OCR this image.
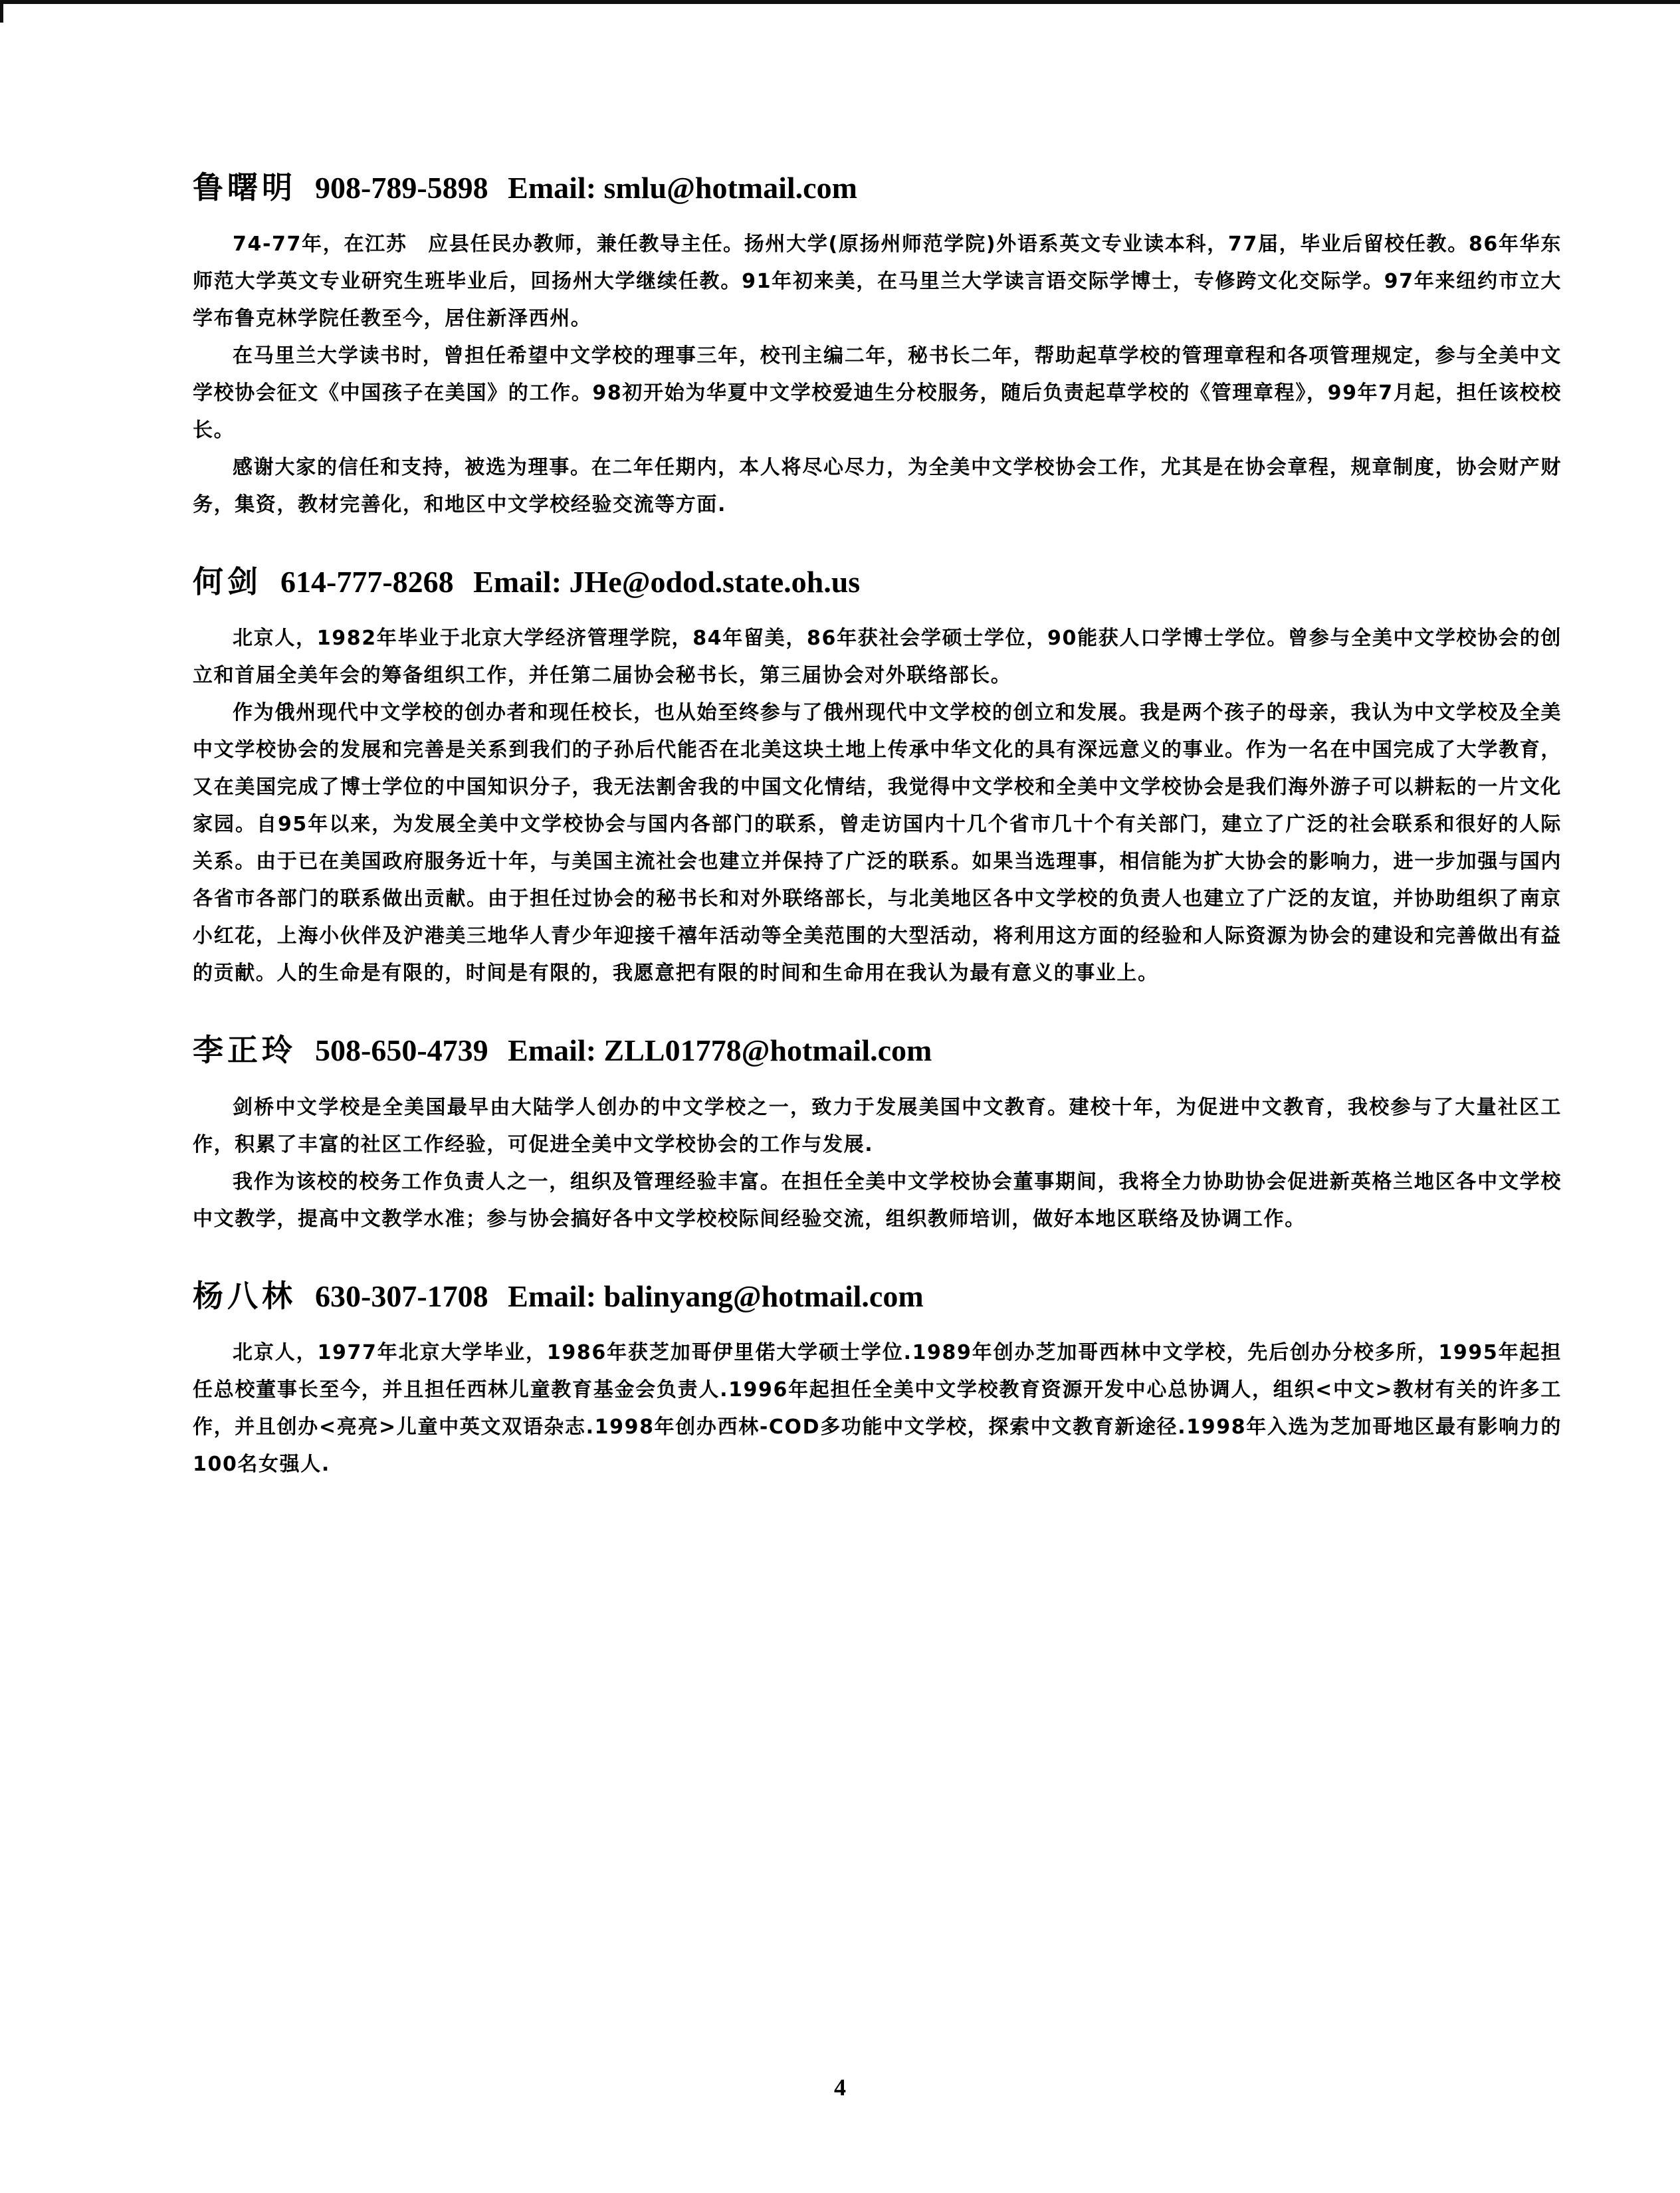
鲁曙明 908-789-5898 Email: smlu@hotmail.com

74-77年，在江苏　应县任民办教师，兼任教导主任。扬州大学(原扬州师范学院)外语系英文专业读本科，77届，毕业后留校任教。86年华东师范大学英文专业研究生班毕业后，回扬州大学继续任教。91年初来美，在马里兰大学读言语交际学博士，专修跨文化交际学。97年来纽约市立大学布鲁克林学院任教至今，居住新泽西州。

在马里兰大学读书时，曾担任希望中文学校的理事三年，校刊主编二年，秘书长二年，帮助起草学校的管理章程和各项管理规定，参与全美中文学校协会征文《中国孩子在美国》的工作。98初开始为华夏中文学校爱迪生分校服务，随后负责起草学校的《管理章程》，99年7月起，担任该校校长。

感谢大家的信任和支持，被选为理事。在二年任期内，本人将尽心尽力，为全美中文学校协会工作，尤其是在协会章程，规章制度，协会财产财务，集资，教材完善化，和地区中文学校经验交流等方面.

何剑 614-777-8268 Email: JHe@odod.state.oh.us

北京人，1982年毕业于北京大学经济管理学院，84年留美，86年获社会学硕士学位，90能获人口学博士学位。曾参与全美中文学校协会的创立和首届全美年会的筹备组织工作，并任第二届协会秘书长，第三届协会对外联络部长。

作为俄州现代中文学校的创办者和现任校长，也从始至终参与了俄州现代中文学校的创立和发展。我是两个孩子的母亲，我认为中文学校及全美中文学校协会的发展和完善是关系到我们的子孙后代能否在北美这块土地上传承中华文化的具有深远意义的事业。作为一名在中国完成了大学教育，又在美国完成了博士学位的中国知识分子，我无法割舍我的中国文化情结，我觉得中文学校和全美中文学校协会是我们海外游子可以耕耘的一片文化家园。自95年以来，为发展全美中文学校协会与国内各部门的联系，曾走访国内十几个省市几十个有关部门，建立了广泛的社会联系和很好的人际关系。由于已在美国政府服务近十年，与美国主流社会也建立并保持了广泛的联系。如果当选理事，相信能为扩大协会的影响力，进一步加强与国内各省市各部门的联系做出贡献。由于担任过协会的秘书长和对外联络部长，与北美地区各中文学校的负责人也建立了广泛的友谊，并协助组织了南京小红花，上海小伙伴及沪港美三地华人青少年迎接千禧年活动等全美范围的大型活动，将利用这方面的经验和人际资源为协会的建设和完善做出有益的贡献。人的生命是有限的，时间是有限的，我愿意把有限的时间和生命用在我认为最有意义的事业上。

李正玲 508-650-4739 Email: ZLL01778@hotmail.com

剑桥中文学校是全美国最早由大陆学人创办的中文学校之一，致力于发展美国中文教育。建校十年，为促进中文教育，我校参与了大量社区工作，积累了丰富的社区工作经验，可促进全美中文学校协会的工作与发展.

我作为该校的校务工作负责人之一，组织及管理经验丰富。在担任全美中文学校协会董事期间，我将全力协助协会促进新英格兰地区各中文学校中文教学，提高中文教学水准；参与协会搞好各中文学校校际间经验交流，组织教师培训，做好本地区联络及协调工作。

杨八林 630-307-1708 Email: balinyang@hotmail.com

北京人，1977年北京大学毕业，1986年获芝加哥伊里偌大学硕士学位.1989年创办芝加哥西林中文学校，先后创办分校多所，1995年起担任总校董事长至今，并且担任西林儿童教育基金会负责人.1996年起担任全美中文学校教育资源开发中心总协调人，组织<中文>教材有关的许多工作，并且创办<亮亮>儿童中英文双语杂志.1998年创办西林-COD多功能中文学校，探索中文教育新途径.1998年入选为芝加哥地区最有影响力的100名女强人.

4
